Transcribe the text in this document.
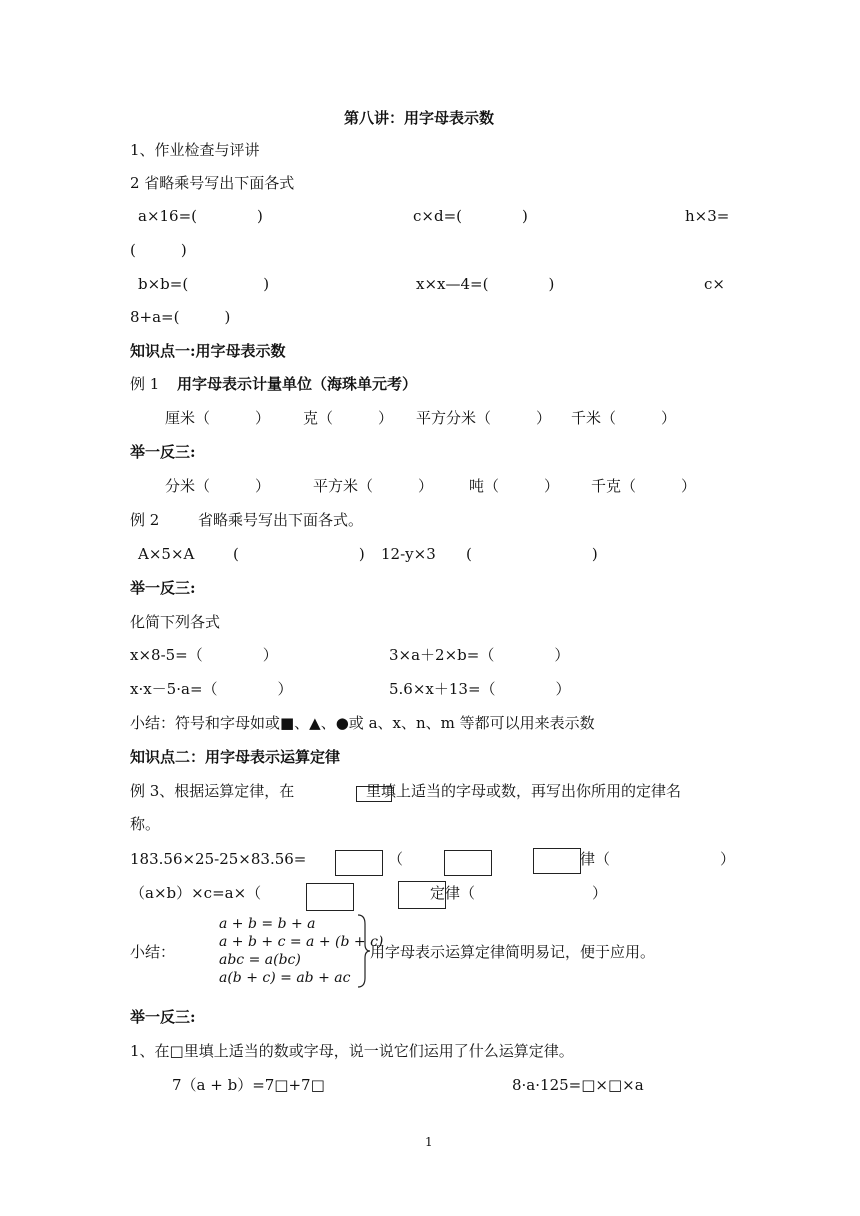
第八讲：用字母表示数
1、作业检查与评讲
2 省略乘号写出下面各式
a×16=(　　　　)	c×d=(　　　　)	h×3=
(　　　)
b×b=(　　　　　)	x×x—4=(　　　　)	c×
8+a=(　　　)
知识点一:用字母表示数
例 1 用字母表示计量单位（海珠单元考）
厘米（　　　） 克（　　　） 平方分米（　　　） 千米（　　　）
举一反三:
分米（　　　）	平方米（　　　） 吨（　　　） 千克（　　　）
例 2	省略乘号写出下面各式。
A×5×A	(　　　　　　　　) 12-y×3 (　　　　　　　　)
举一反三:
化简下列各式
x×8-5=（　　　　）	3×a＋2×b=（　　　　）
x·x－5·a=（　　　　）	5.6×x＋13=（　　　　）
小结：符号和字母如或■、▲、●或 a、x、n、m 等都可以用来表示数
知识点二：用字母表示运算定律
例 3、根据运算定律，在	里填上适当的字母或数，再写出你所用的定律名
称。
183.56×25-25×83.56=	（	律（	）
（a×b）×c=a×（	定律（	）
小结：
a + b = b + a
a + b + c = a + (b + c)
abc = a(bc)
a(b + c) = ab + ac
用字母表示运算定律简明易记，便于应用。
举一反三:
1、在□里填上适当的数或字母，说一说它们运用了什么运算定律。
7（a + b）=7□+7□	8·a·125=□×□×a
1
